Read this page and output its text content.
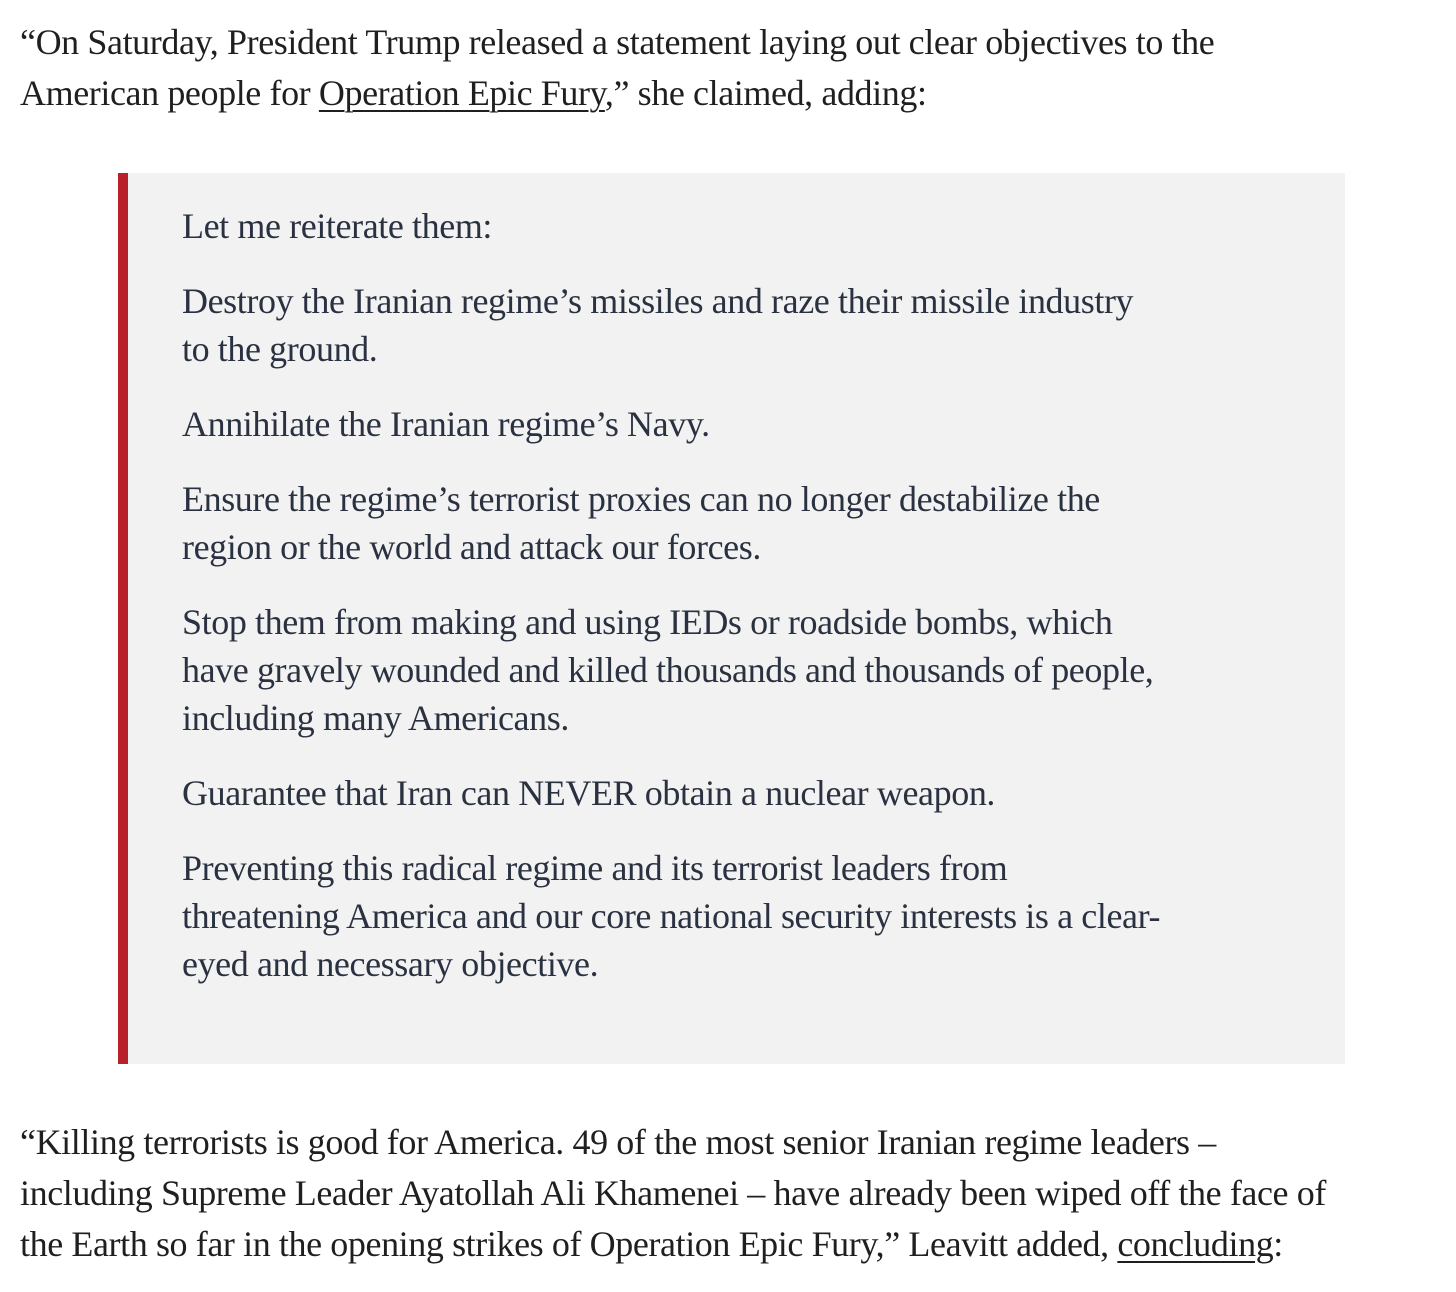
“On Saturday, President Trump released a statement laying out clear objectives to the
American people for Operation Epic Fury,” she claimed, adding:
Let me reiterate them:
Destroy the Iranian regime’s missiles and raze their missile industry
to the ground.
Annihilate the Iranian regime’s Navy.
Ensure the regime’s terrorist proxies can no longer destabilize the
region or the world and attack our forces.
Stop them from making and using IEDs or roadside bombs, which
have gravely wounded and killed thousands and thousands of people,
including many Americans.
Guarantee that Iran can NEVER obtain a nuclear weapon.
Preventing this radical regime and its terrorist leaders from
threatening America and our core national security interests is a clear-
eyed and necessary objective.
“Killing terrorists is good for America. 49 of the most senior Iranian regime leaders –
including Supreme Leader Ayatollah Ali Khamenei – have already been wiped off the face of
the Earth so far in the opening strikes of Operation Epic Fury,” Leavitt added, concluding:
